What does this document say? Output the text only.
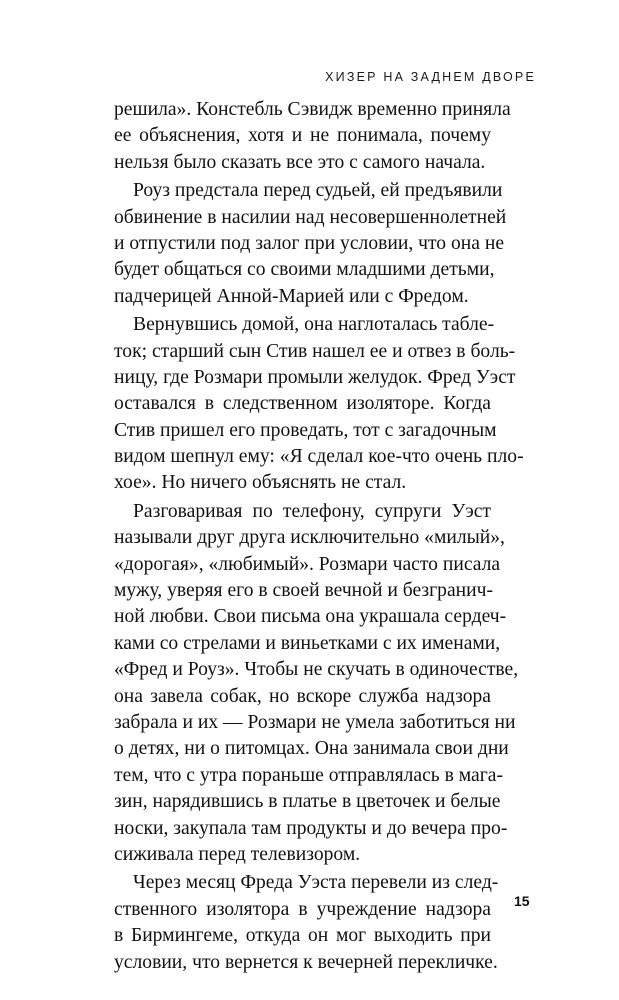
ХИЗЕР НА ЗАДНЕМ ДВОРЕ

решила». Констебль Сэвидж временно приняла
ее объяснения, хотя и не понимала, почему
нельзя было сказать все это с самого начала.

Роуз предстала перед судьей, ей предъявили
обвинение в насилии над несовершеннолетней
и отпустили под залог при условии, что она не
будет общаться со своими младшими детьми,
падчерицей Анной-Марией или с Фредом.

Вернувшись домой, она наглоталась табле-
ток; старший сын Стив нашел ее и отвез в боль-
ницу, где Розмари промыли желудок. Фред Уэст
оставался в следственном изоляторе. Когда
Стив пришел его проведать, тот с загадочным
видом шепнул ему: «Я сделал кое-что очень пло-
хое». Но ничего объяснять не стал.

Разговаривая по телефону, супруги Уэст
называли друг друга исключительно «милый»,
«дорогая», «любимый». Розмари часто писала
мужу, уверяя его в своей вечной и безгранич-
ной любви. Свои письма она украшала сердеч-
ками со стрелами и виньетками с их именами,
«Фред и Роуз». Чтобы не скучать в одиночестве,
она завела собак, но вскоре служба надзора
забрала и их — Розмари не умела заботиться ни
о детях, ни о питомцах. Она занимала свои дни
тем, что с утра пораньше отправлялась в мага-
зин, нарядившись в платье в цветочек и белые
носки, закупала там продукты и до вечера про-
сиживала перед телевизором.

Через месяц Фреда Уэста перевели из след-
ственного изолятора в учреждение надзора
в Бирмингеме, откуда он мог выходить при
условии, что вернется к вечерней перекличке.

15
